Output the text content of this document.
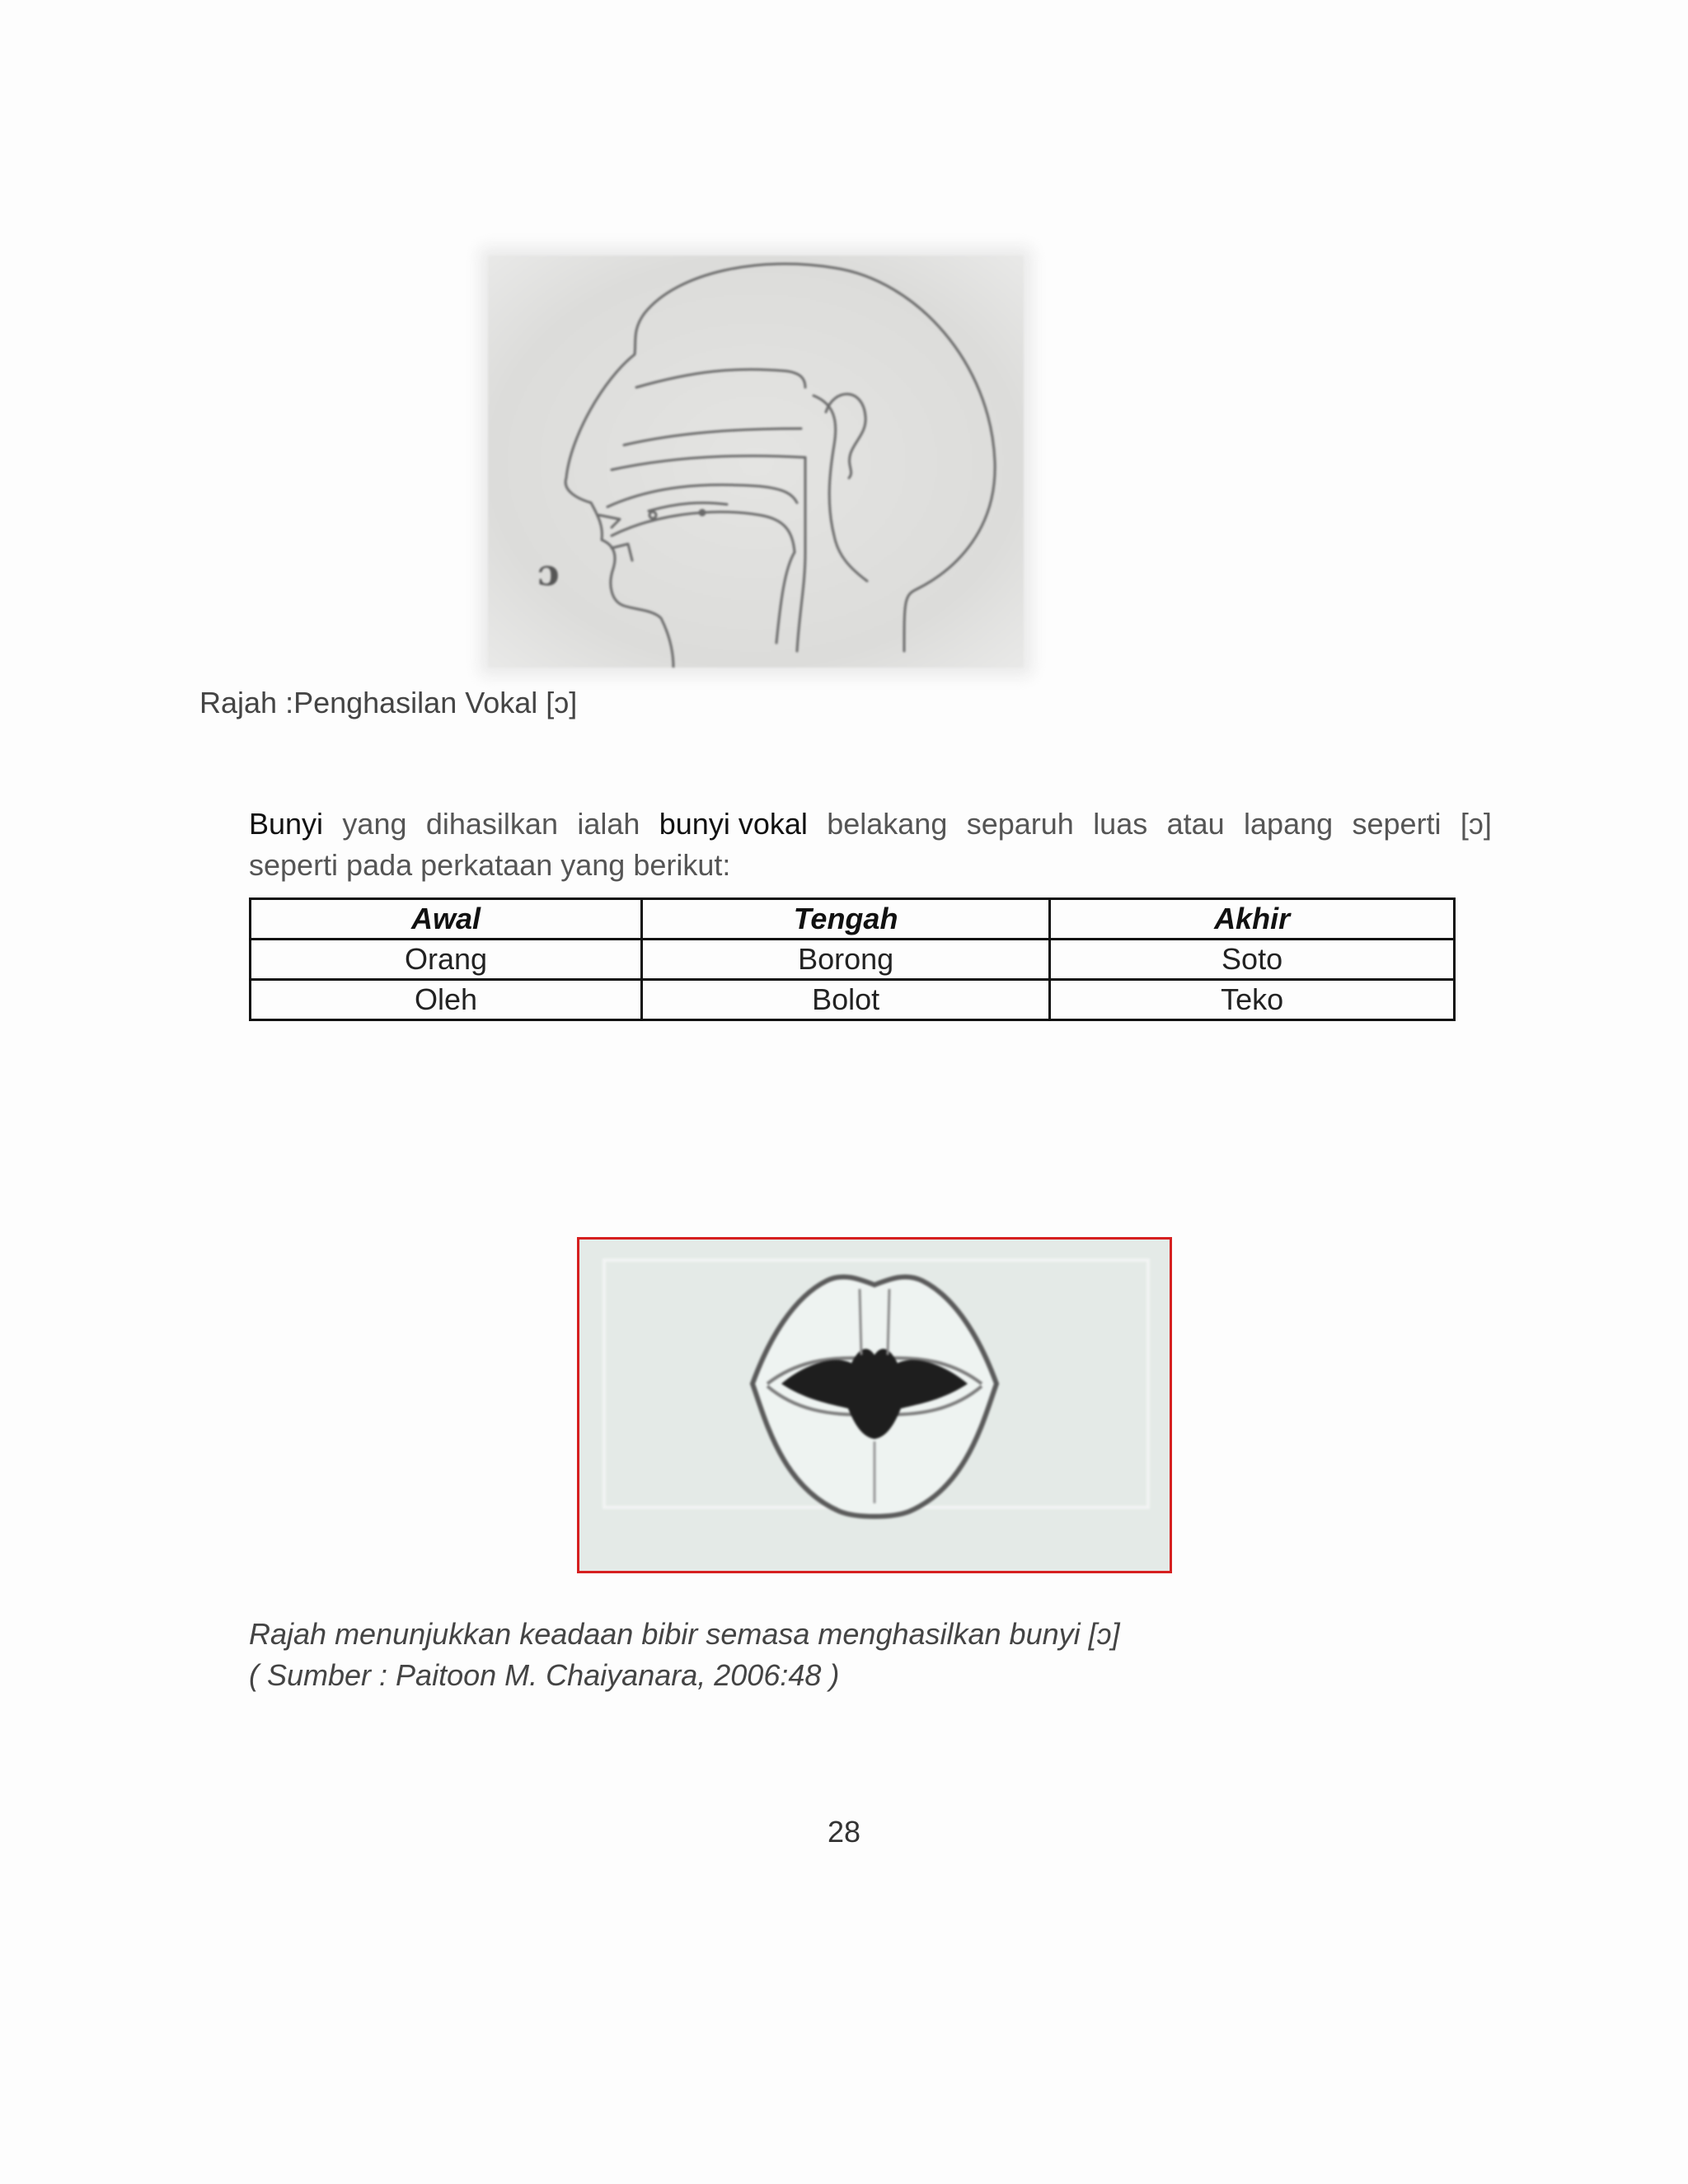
ɔ
Rajah :Penghasilan Vokal [ɔ]
Bunyi yang dihasilkan ialah bunyi vokal belakang separuh luas atau lapang seperti [ɔ]
seperti pada perkataan yang berikut:
Awal	Tengah	Akhir
Orang	Borong	Soto
Oleh	Bolot	Teko
Rajah menunjukkan keadaan bibir semasa menghasilkan bunyi [ɔ]
( Sumber : Paitoon M. Chaiyanara, 2006:48 )
28
